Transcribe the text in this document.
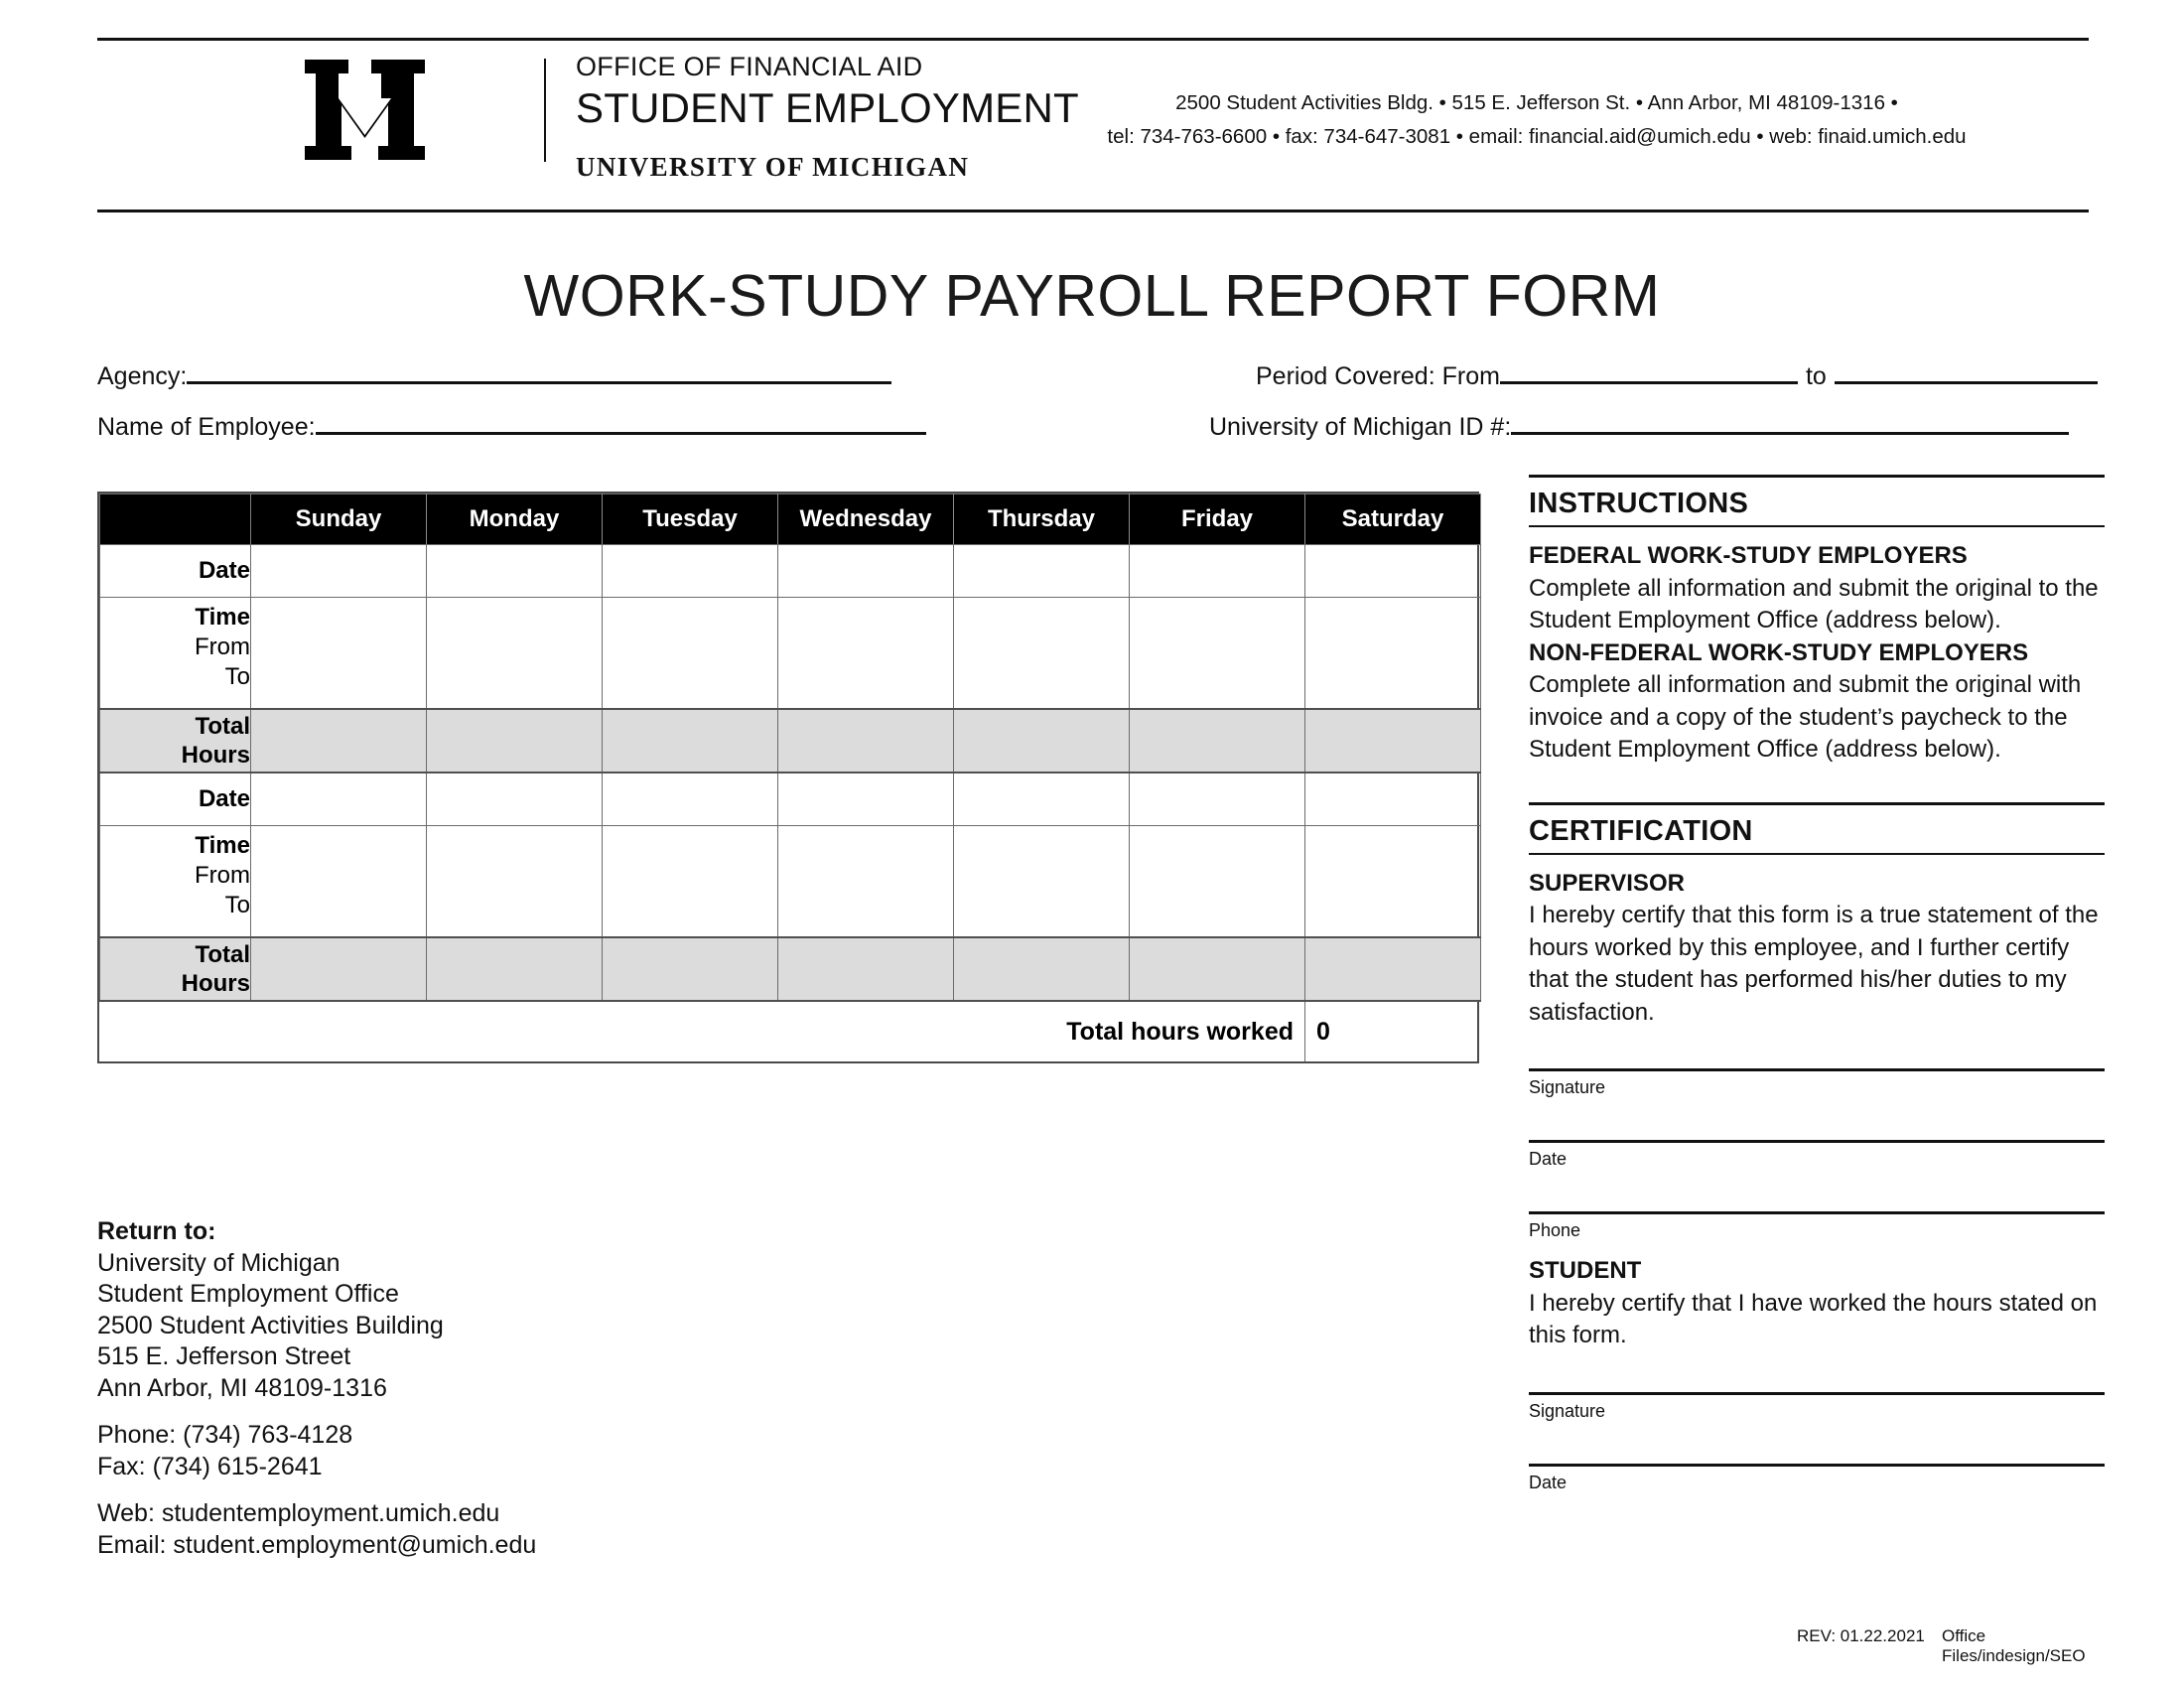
OFFICE OF FINANCIAL AID
STUDENT EMPLOYMENT
UNIVERSITY OF MICHIGAN
2500 Student Activities Bldg. • 515 E. Jefferson St. • Ann Arbor, MI 48109-1316 •
tel: 734-763-6600 • fax: 734-647-3081 • email: financial.aid@umich.edu • web: finaid.umich.edu
WORK-STUDY PAYROLL REPORT FORM
Agency:
Name of Employee:
Period Covered: From	to
University of Michigan ID #:
	Sunday	Monday	Tuesday	Wednesday	Thursday	Friday	Saturday
Date							
Time
From
To							

Total
Hours							

Date							
Time
From
To							

Total
Hours							

					Total hours worked		0
Return to:
University of Michigan
Student Employment Office
2500 Student Activities Building
515 E. Jefferson Street
Ann Arbor, MI 48109-1316
Phone: (734) 763-4128
Fax: (734) 615-2641
Web: studentemployment.umich.edu
Email: student.employment@umich.edu
INSTRUCTIONS
FEDERAL WORK-STUDY EMPLOYERS
Complete all information and submit the original to the Student Employment Office (address below).
NON-FEDERAL WORK-STUDY EMPLOYERS
Complete all information and submit the original with invoice and a copy of the student’s paycheck to the Student Employment Office (address below).
CERTIFICATION
SUPERVISOR
I hereby certify that this form is a true statement of the hours worked by this employee, and I further certify that the student has performed his/her duties to my satisfaction.
Signature
Date
Phone
STUDENT
I hereby certify that I have worked the hours stated on this form.
Signature
Date
REV: 01.22.2021 Office Files/indesign/SEO
